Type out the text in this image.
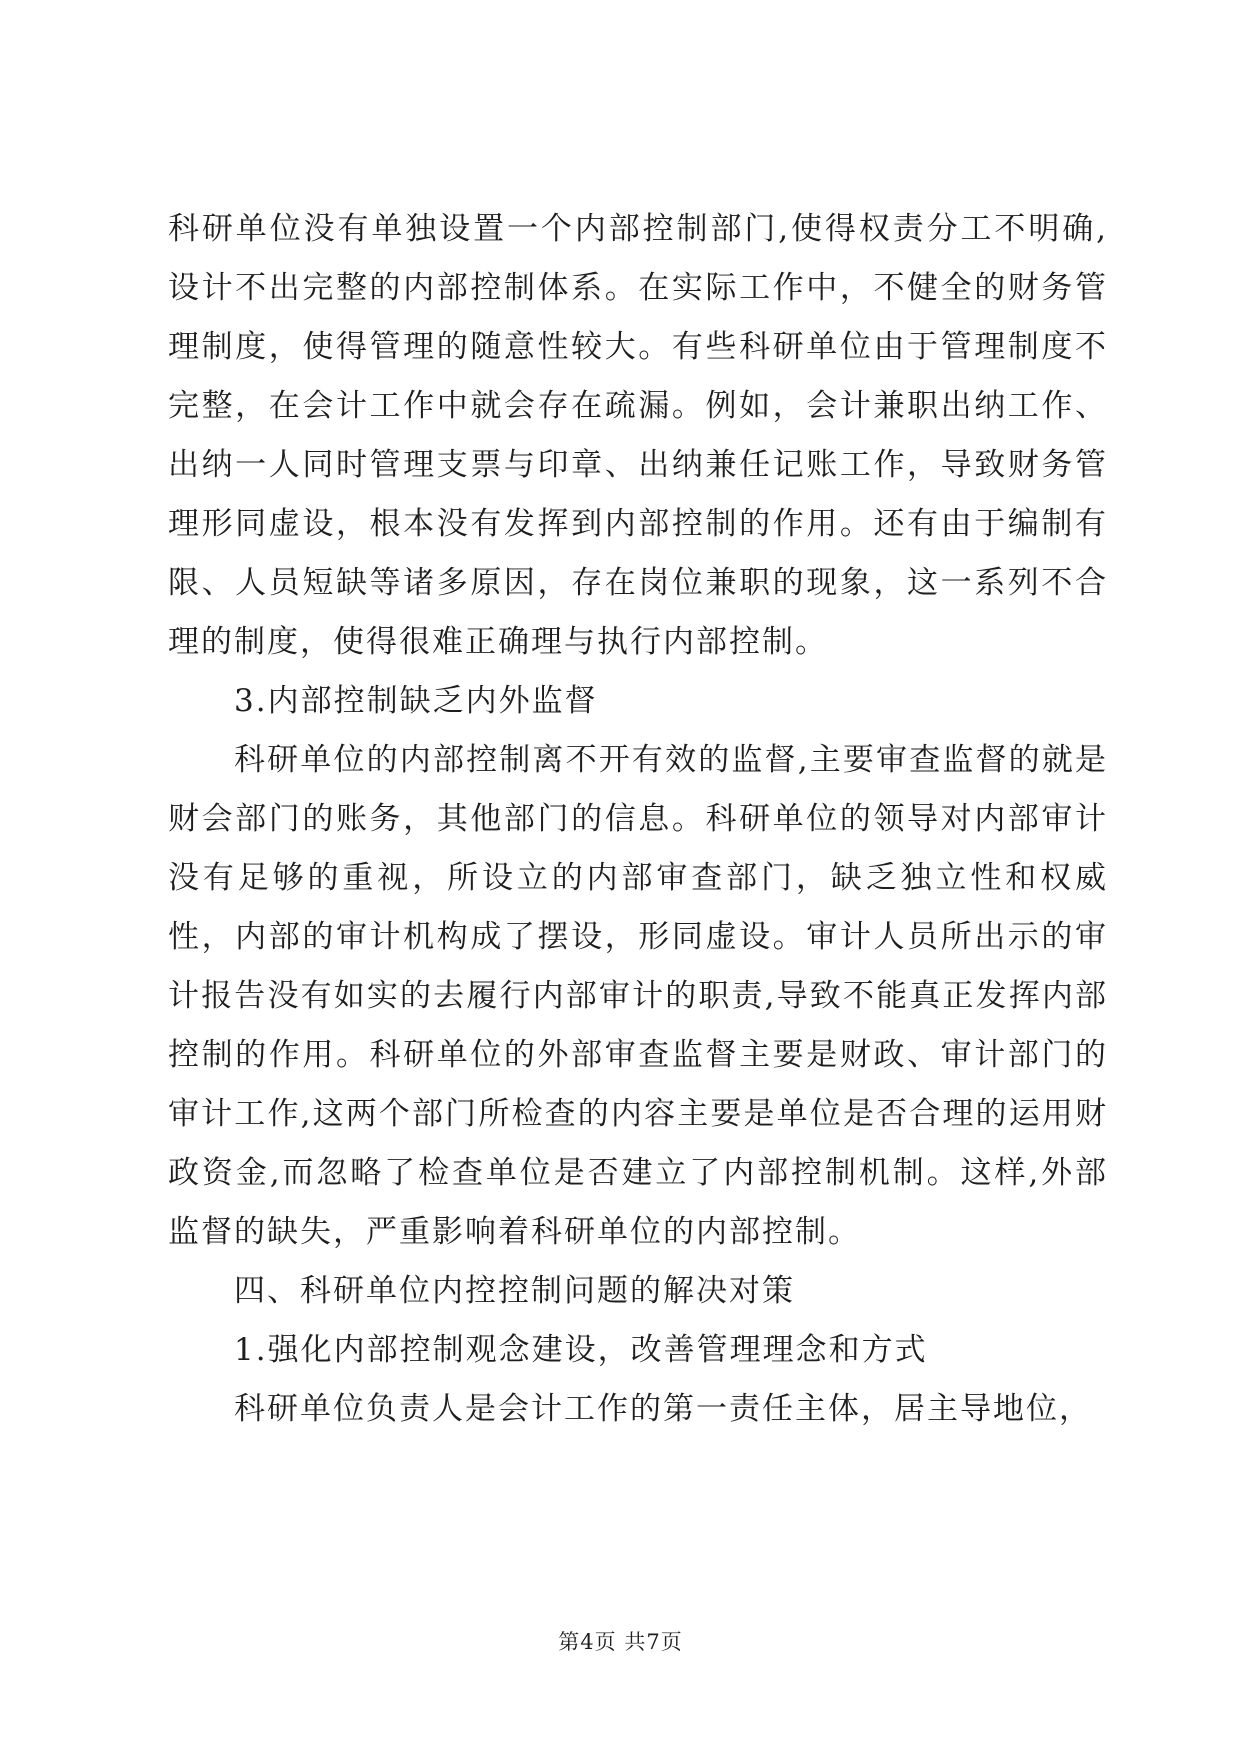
科研单位没有单独设置一个内部控制部门,使得权责分工不明确,设计不出完整的内部控制体系。在实际工作中，不健全的财务管理制度，使得管理的随意性较大。有些科研单位由于管理制度不完整，在会计工作中就会存在疏漏。例如，会计兼职出纳工作、出纳一人同时管理支票与印章、出纳兼任记账工作，导致财务管理形同虚设，根本没有发挥到内部控制的作用。还有由于编制有限、人员短缺等诸多原因，存在岗位兼职的现象，这一系列不合理的制度，使得很难正确理与执行内部控制。

3.内部控制缺乏内外监督

科研单位的内部控制离不开有效的监督,主要审查监督的就是财会部门的账务，其他部门的信息。科研单位的领导对内部审计没有足够的重视，所设立的内部审查部门，缺乏独立性和权威性，内部的审计机构成了摆设，形同虚设。审计人员所出示的审计报告没有如实的去履行内部审计的职责,导致不能真正发挥内部控制的作用。科研单位的外部审查监督主要是财政、审计部门的审计工作,这两个部门所检查的内容主要是单位是否合理的运用财政资金,而忽略了检查单位是否建立了内部控制机制。这样,外部监督的缺失，严重影响着科研单位的内部控制。

四、科研单位内控控制问题的解决对策

1.强化内部控制观念建设，改善管理理念和方式

科研单位负责人是会计工作的第一责任主体，居主导地位，

第4页 共7页
